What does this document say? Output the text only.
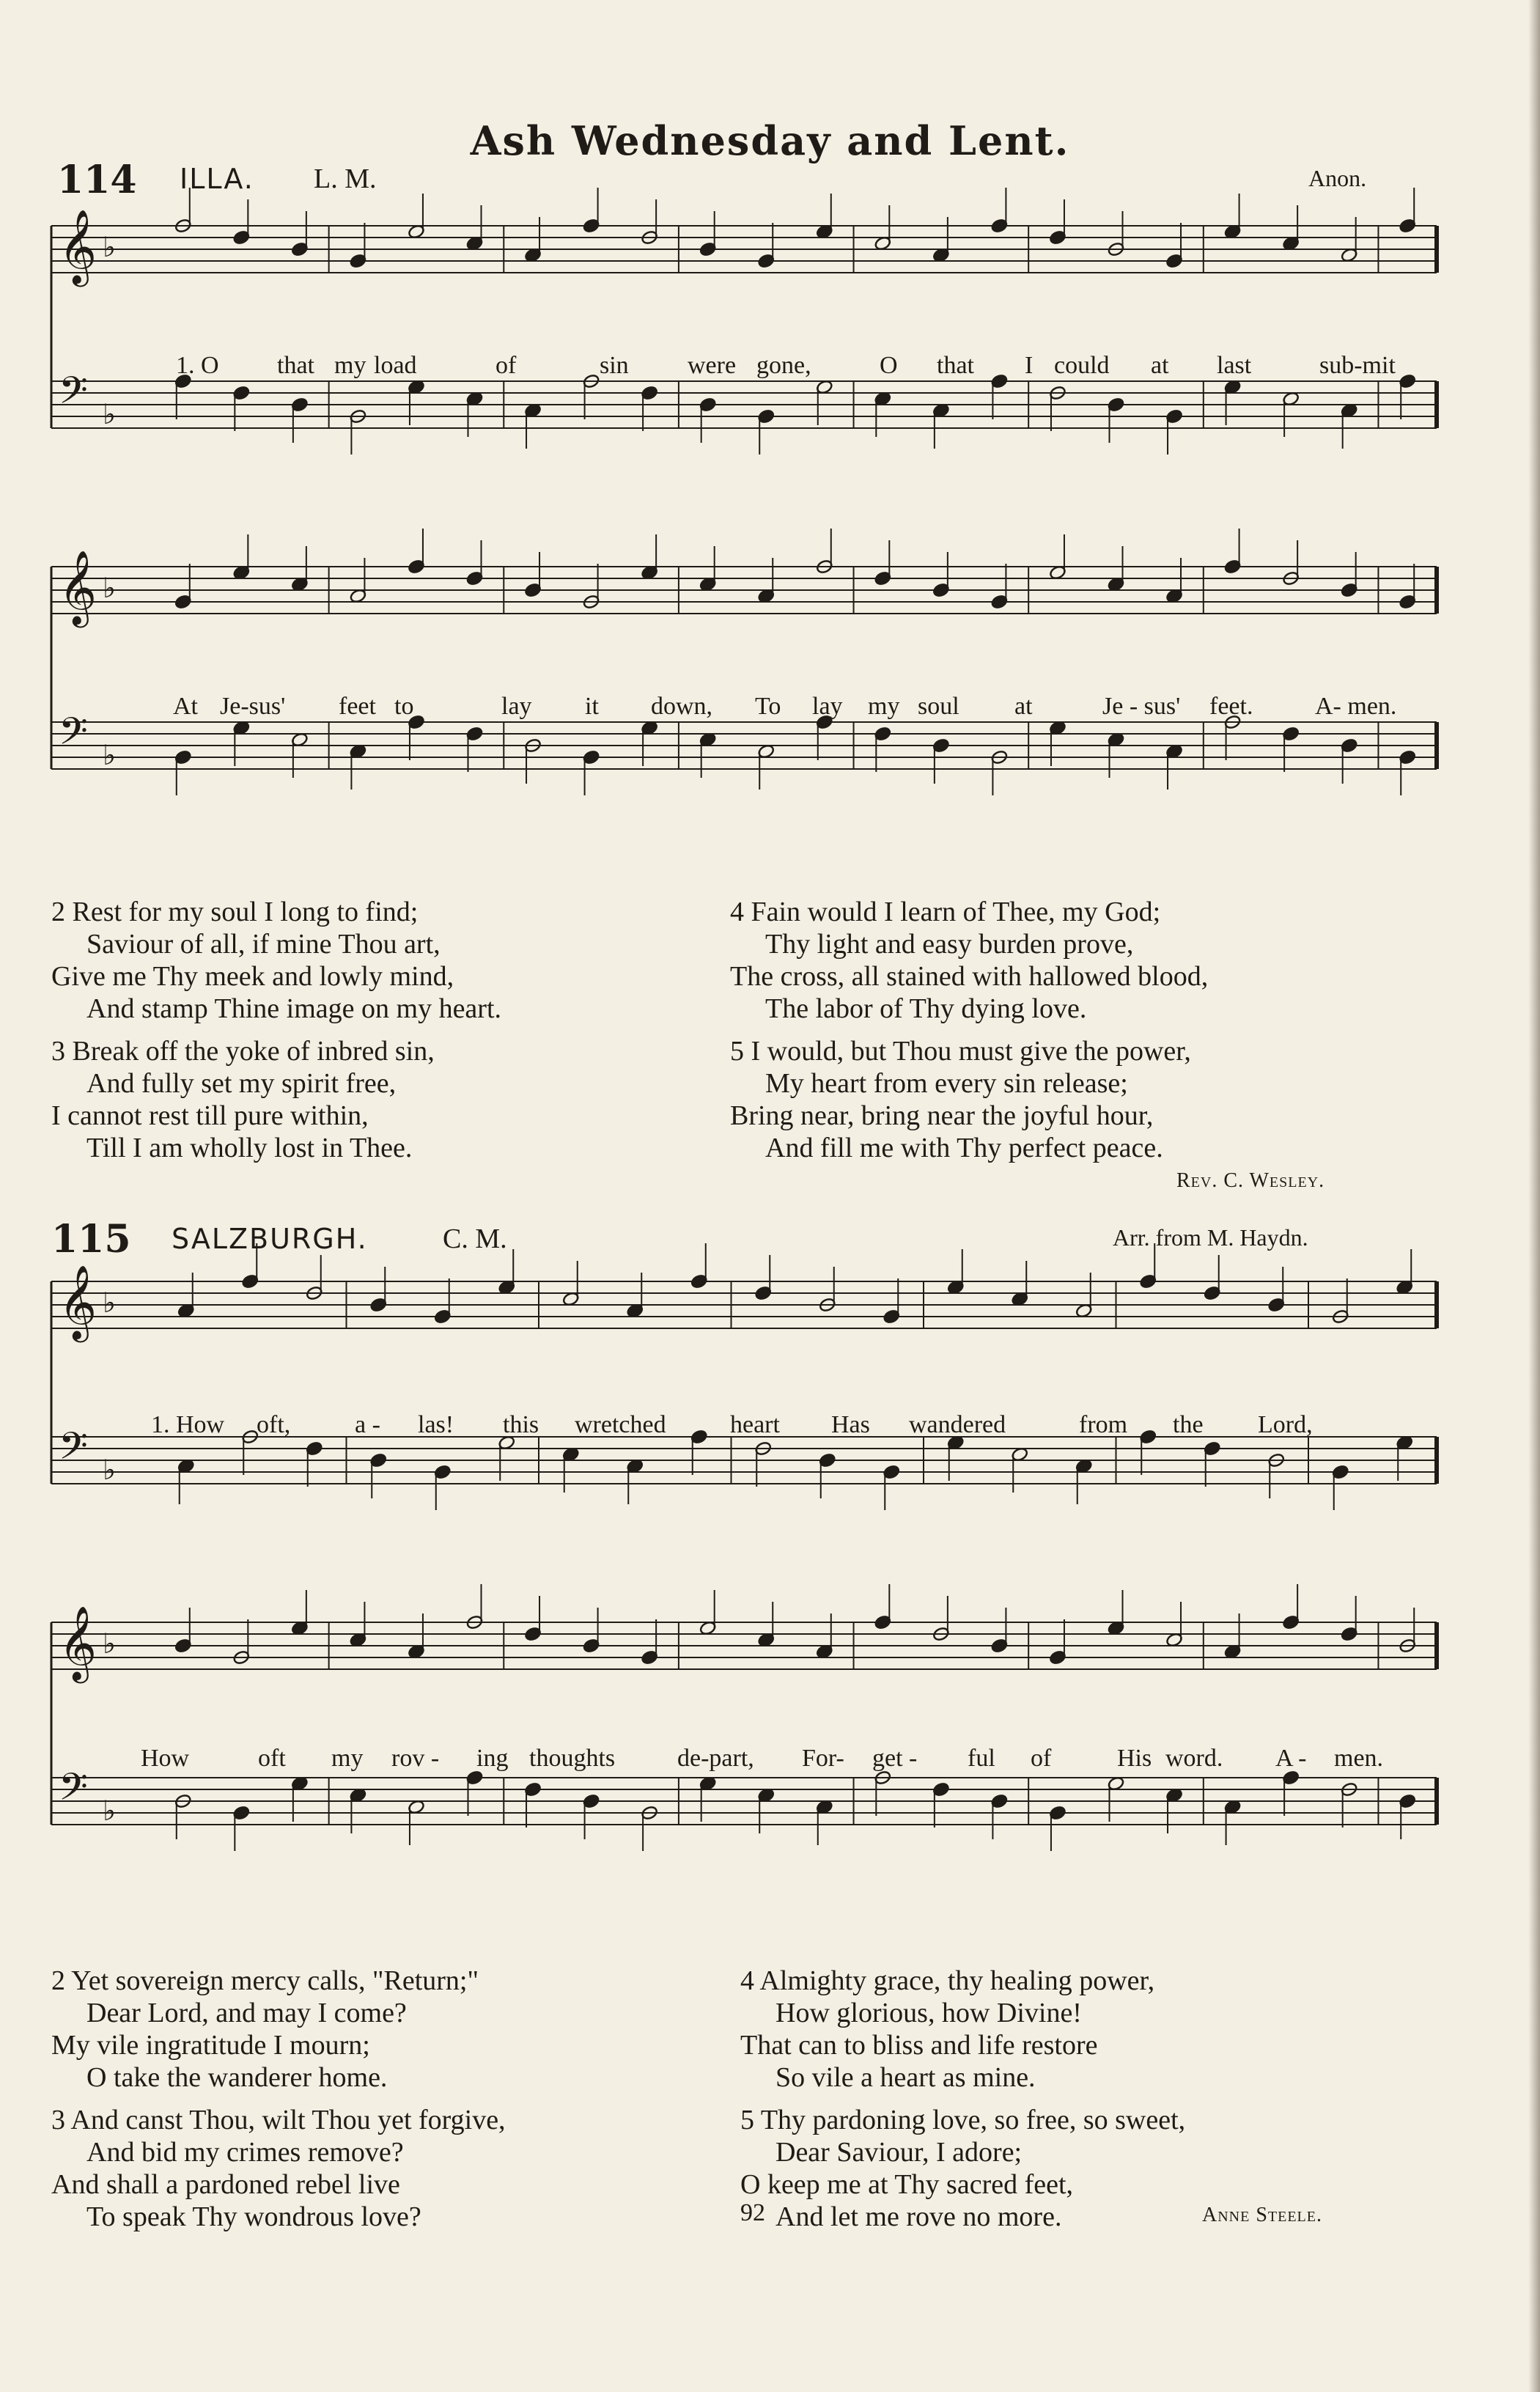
Ash Wednesday and Lent.
114 ILLA. L. M.	Anon.
𝄞 ♭
𝄢 ♭
1. O that my load	of	sin were gone,	O that I could at last	sub-mit
𝄞 ♭
𝄢 ♭
At Je-sus' feet to	lay it down, To lay my soul at	Je - sus' feet. A- men.
2 Rest for my soul I long to find;
Saviour of all, if mine Thou art,
Give me Thy meek and lowly mind,
And stamp Thine image on my heart.
3 Break off the yoke of inbred sin,
And fully set my spirit free,
I cannot rest till pure within,
Till I am wholly lost in Thee.
4 Fain would I learn of Thee, my God;
Thy light and easy burden prove,
The cross, all stained with hallowed blood,
The labor of Thy dying love.
5 I would, but Thou must give the power,
My heart from every sin release;
Bring near, bring near the joyful hour,
And fill me with Thy perfect peace.
Rev. C. Wesley.
115 SALZBURGH.	C. M.	Arr. from M. Haydn.
𝄞 ♭
𝄢 ♭
1. How oft,	a - las! this wretched	heart Has wandered	from the Lord,
𝄞 ♭
𝄢 ♭
How	oft my rov - ing thoughts de-part, For- get - ful of	His word. A - men.
2 Yet sovereign mercy calls, "Return;"
Dear Lord, and may I come?
My vile ingratitude I mourn;
O take the wanderer home.
3 And canst Thou, wilt Thou yet forgive,
And bid my crimes remove?
And shall a pardoned rebel live
To speak Thy wondrous love?
4 Almighty grace, thy healing power,
How glorious, how Divine!
That can to bliss and life restore
So vile a heart as mine.
5 Thy pardoning love, so free, so sweet,
Dear Saviour, I adore;
O keep me at Thy sacred feet,
And let me rove no more.
92	Anne Steele.
